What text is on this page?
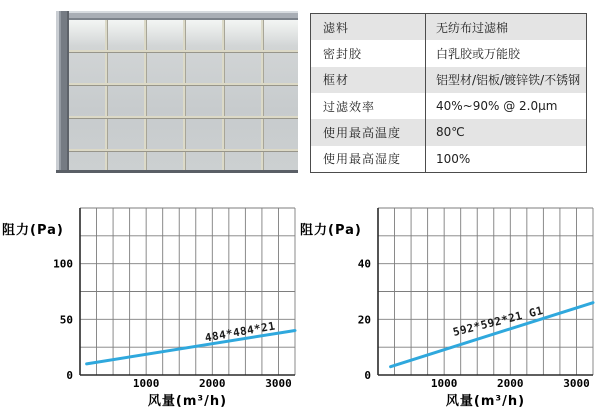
滤料	无纺布过滤棉
密封胶	白乳胶或万能胶
框材	铝型材/铝板/镀锌铁/不锈钢
过滤效率	40%~90% @ 2.0μm
使用最高温度	80℃
使用最高湿度	100%
0
50
100
1000	2000	3000
阻力(Pa)
风量(m³/h)
484*484*21
0
20
40
1000	2000	3000
阻力(Pa)
风量(m³/h)
592*592*21 G1
